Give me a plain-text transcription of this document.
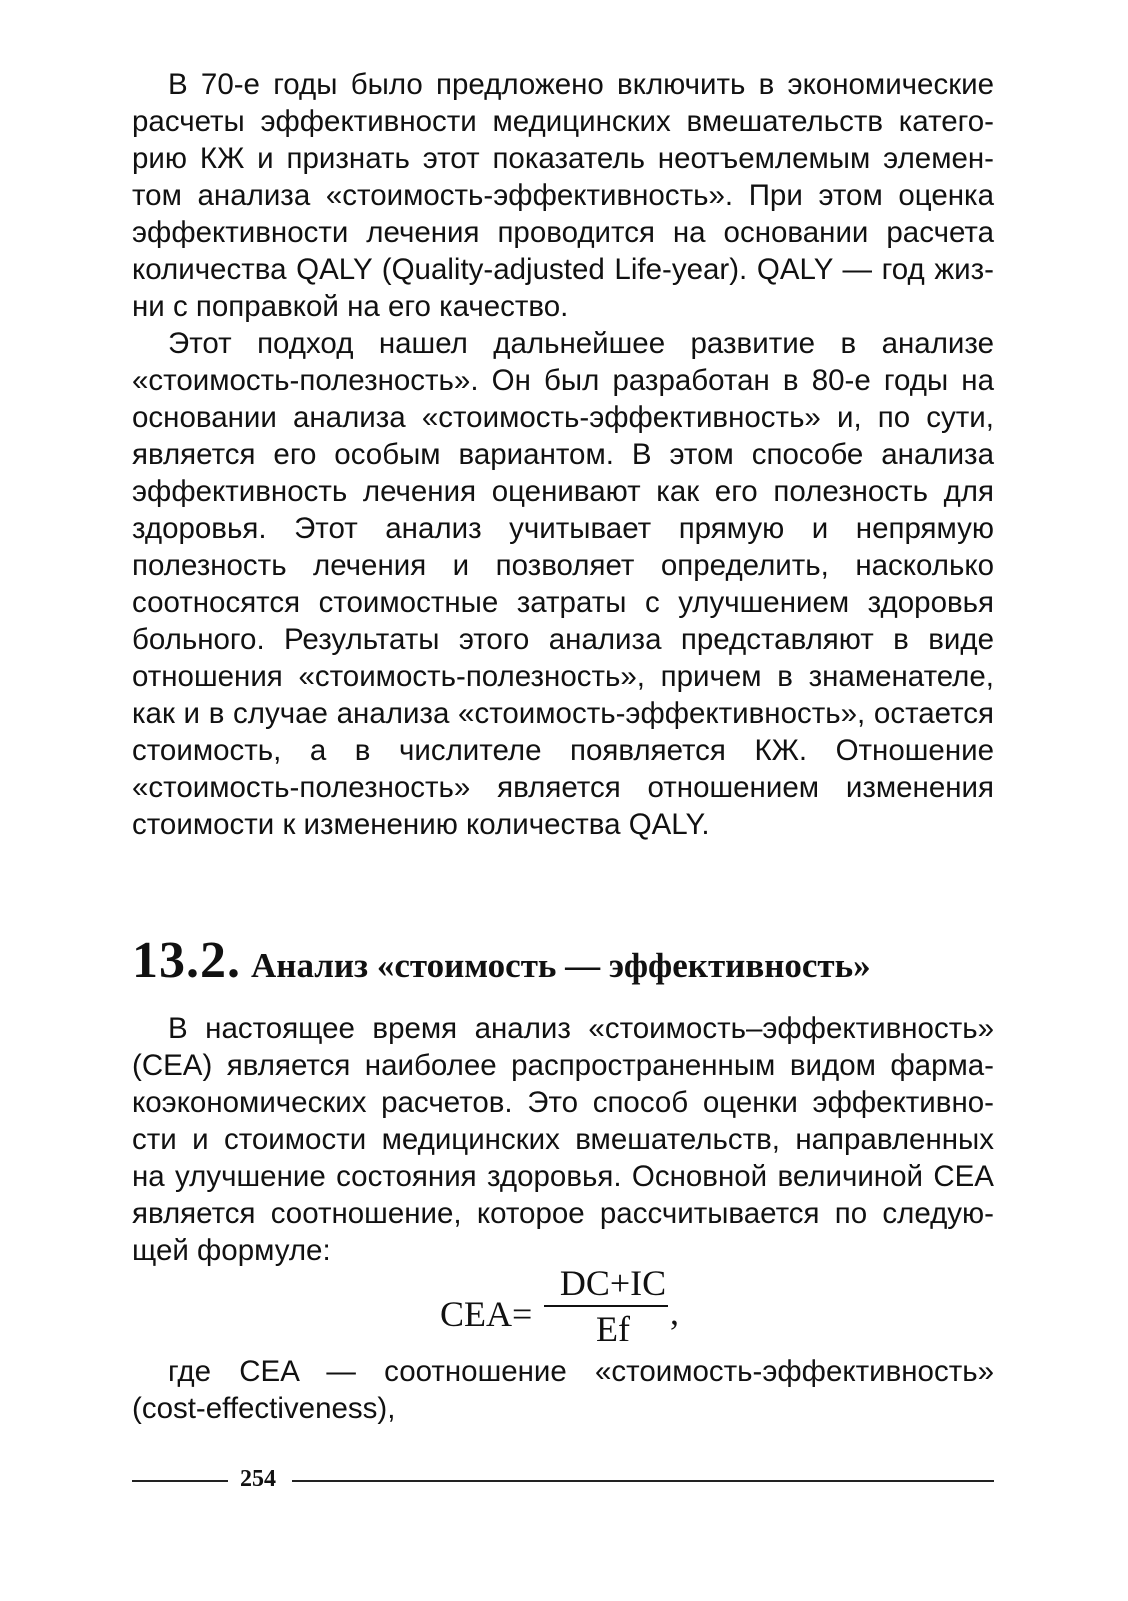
В 70-е годы было предложено включить в экономические расчеты эффективности медицинских вмешательств категорию КЖ и признать этот показатель неотъемлемым элементом анализа «стоимость-эффективность». При этом оценка эффективности лечения проводится на основании расчета количества QALY (Quality-adjusted Life-year). QALY — год жизни с поправкой на его качество.

Этот подход нашел дальнейшее развитие в анализе «стоимость-полезность». Он был разработан в 80-е годы на основании анализа «стоимость-эффективность» и, по сути, является его особым вариантом. В этом способе анализа эффективность лечения оценивают как его полезность для здоровья. Этот анализ учитывает прямую и непрямую полезность лечения и позволяет определить, насколько соотносятся стоимостные затраты с улучшением здоровья больного. Результаты этого анализа представляют в виде отношения «стоимость-полезность», причем в знаменателе, как и в случае анализа «стоимость-эффективность», остается стоимость, а в числителе появляется КЖ. Отношение «стоимость-полезность» является отношением изменения стоимости к изменению количества QALY.

13.2. Анализ «стоимость — эффективность»

В настоящее время анализ «стоимость–эффективность» (CEA) является наиболее распространенным видом фармакоэкономических расчетов. Это способ оценки эффективности и стоимости медицинских вмешательств, направленных на улучшение состояния здоровья. Основной величиной CEA является соотношение, которое рассчитывается по следующей формуле:

CEA=
DC+IC
Ef	,

где CEA — соотношение «стоимость-эффективность» (cost-effectiveness),

254
